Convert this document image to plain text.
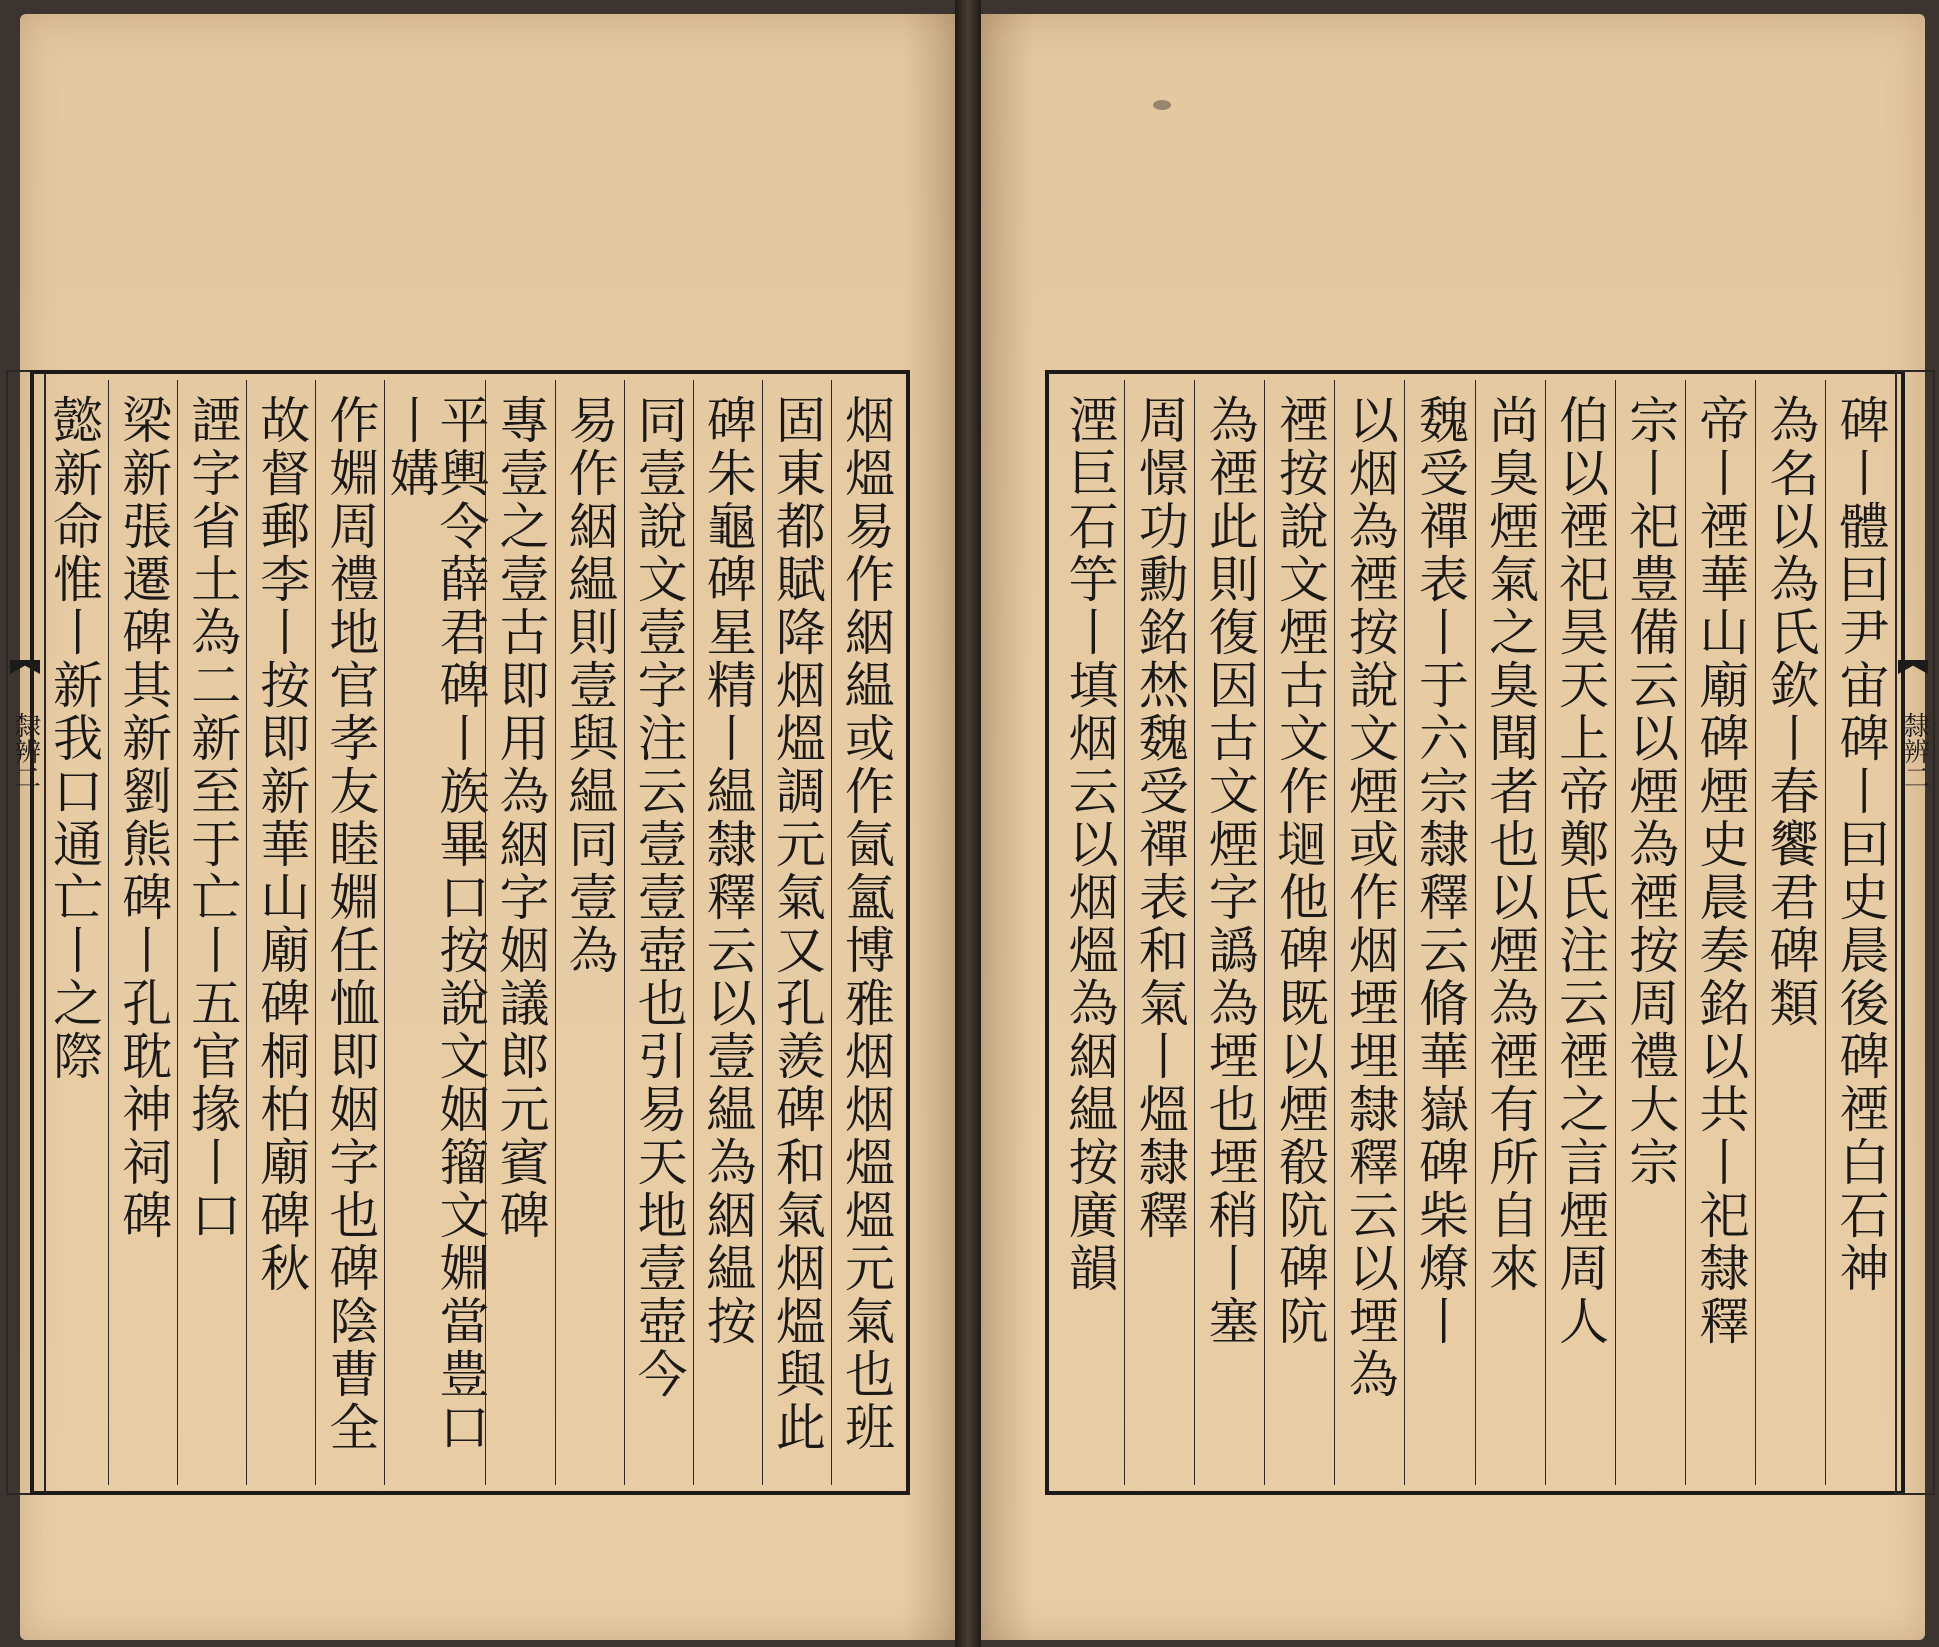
隸辨二	烟熅易作絪緼或作氤氳博雅烟烟熅熅元氣也班
固東都賦降烟熅調元氣又孔羨碑和氣烟熅與此
碑朱龜碑星精丨緼隸釋云以壹緼為絪緼按
同壹說文壹字注云壹壹壺也引易天地壹壺今
易作絪緼則壹與緼同壹為
專壹之壹古即用為絪字姻議郎元賓碑
平輿令薛君碑丨族畢口按說文姻籀文婣當豊口丨媾
作婣周禮地官孝友睦婣任恤即姻字也碑陰曹全
故督郵李丨按即新華山廟碑桐柏廟碑秋
諲字省土為二新至于亡丨五官掾丨口
梁新張遷碑其新劉熊碑丨孔耽神祠碑
懿新命惟丨新我口通亡丨之際	碑丨體囙尹宙碑丨囙史晨後碑禋白石神
為名以為氏欽丨春饗君碑類
帝丨禋華山廟碑煙史晨奏銘以共丨祀隸釋
宗丨祀豊備云以煙為禋按周禮大宗
伯以禋祀昊天上帝鄭氏注云禋之言煙周人
尚臭煙氣之臭聞者也以煙為禋有所自來
魏受禪表丨于六宗隸釋云脩華嶽碑柴燎丨
以烟為禋按說文煙或作烟堙埋隸釋云以堙為
禋按說文煙古文作𡏁他碑既以煙殽阬碑阬
為禋此則復因古文煙字譌為堙也堙稍丨塞
周憬功勳銘㷊魏受禪表和氣丨熅隸釋
湮巨石竽丨填烟云以烟熅為絪緼按廣韻	隸辨二
